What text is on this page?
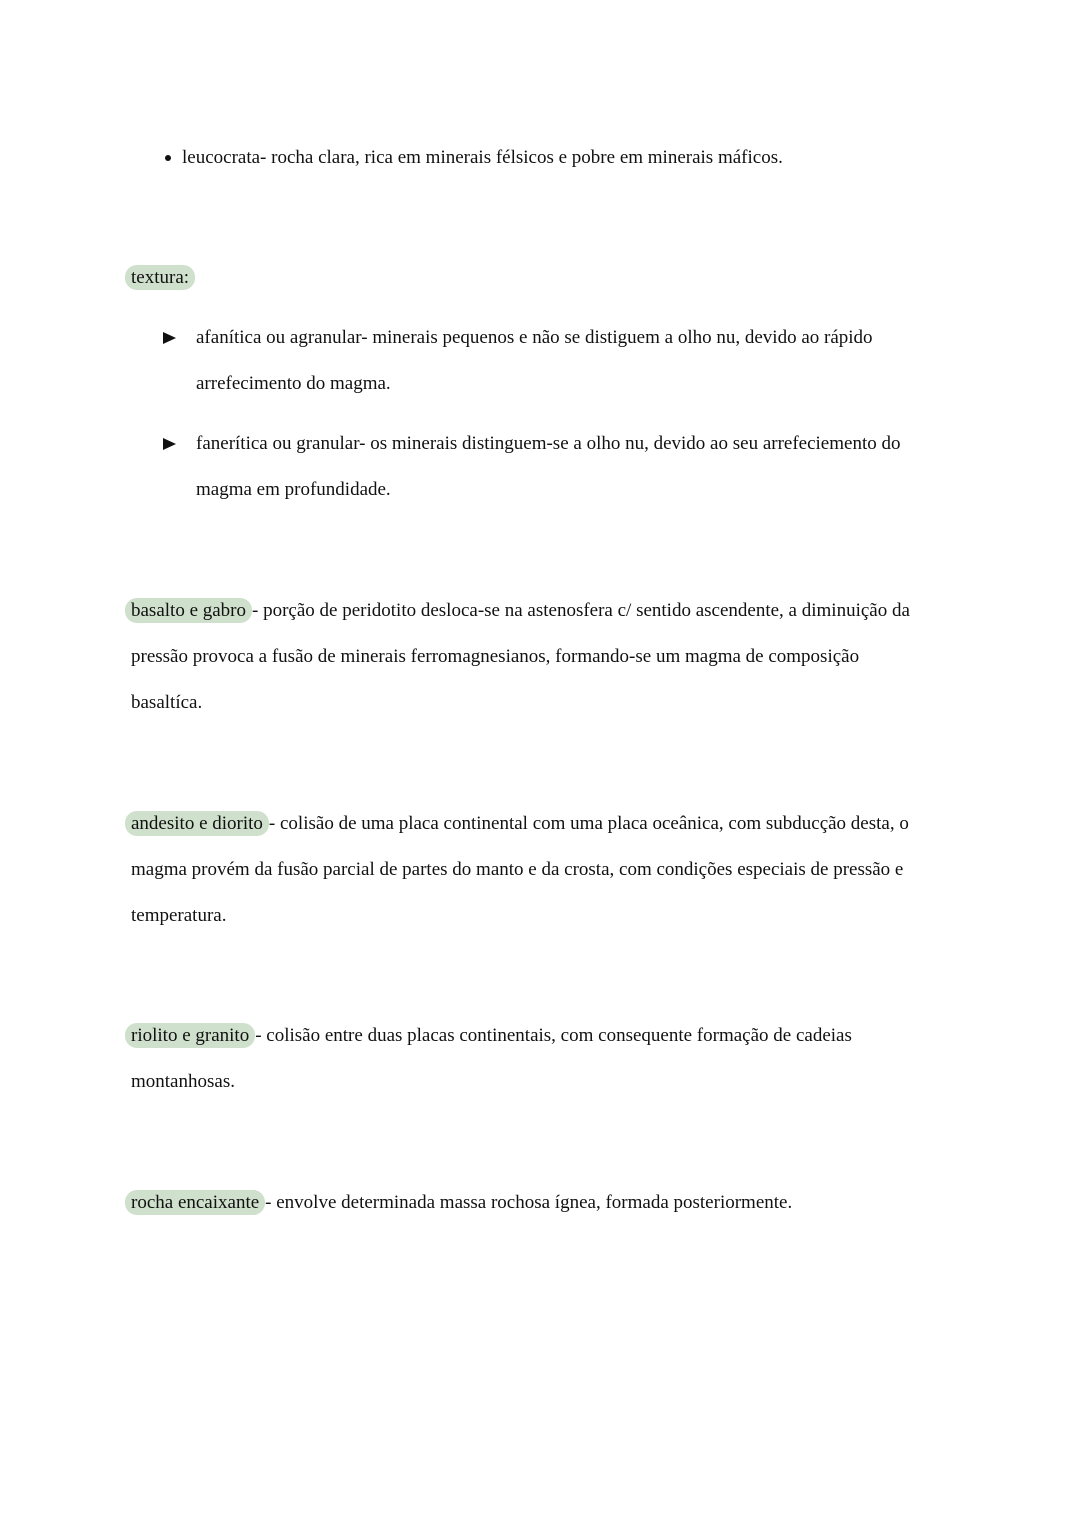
leucocrata- rocha clara, rica em minerais félsicos e pobre em minerais máficos.
textura:
afanítica ou agranular- minerais pequenos e não se distiguem a olho nu, devido ao rápido
arrefecimento do magma.
fanerítica ou granular- os minerais distinguem-se a olho nu, devido ao seu arrefeciemento do
magma em profundidade.
basalto e gabro - porção de peridotito desloca-se na astenosfera c/ sentido ascendente, a diminuição da
pressão provoca a fusão de minerais ferromagnesianos, formando-se um magma de composição
basaltíca.
andesito e diorito - colisão de uma placa continental com uma placa oceânica, com subducção desta, o
magma provém da fusão parcial de partes do manto e da crosta, com condições especiais de pressão e
temperatura.
riolito e granito - colisão entre duas placas continentais, com consequente formação de cadeias
montanhosas.
rocha encaixante - envolve determinada massa rochosa ígnea, formada posteriormente.
